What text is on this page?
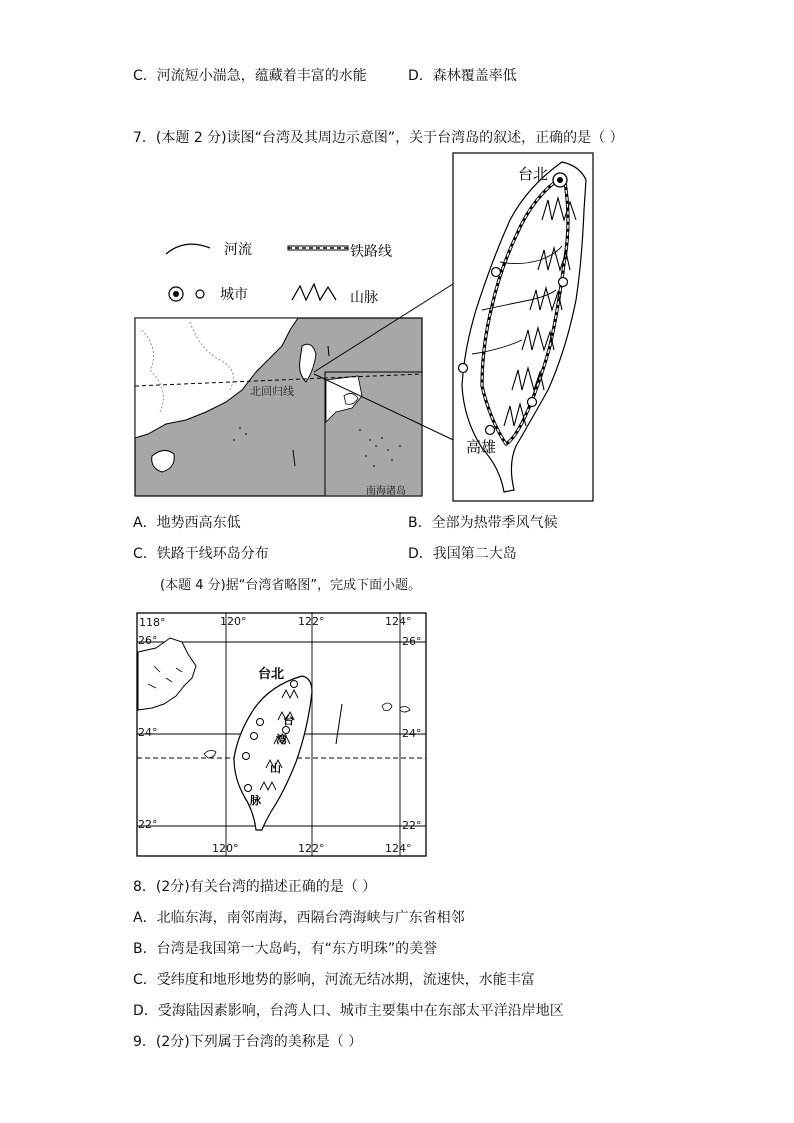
C．河流短小湍急，蕴藏着丰富的水能	D．森林覆盖率低
7．(本题 2 分)读图“台湾及其周边示意图”，关于台湾岛的叙述，正确的是（ ）
河流	铁路线
城市	山脉
北回归线
南海诸岛
台北
高雄
A．地势西高东低	B．全部为热带季风气候
C．铁路干线环岛分布	D．我国第二大岛
(本题 4 分)据“台湾省略图”，完成下面小题。
台北
台
湾
山
脉
120°	122°	124°
118°
26°
24°
22°
26°
24°
22°
120°	122°	124°
8．(2分)有关台湾的描述正确的是（ ）
A．北临东海，南邻南海，西隔台湾海峡与广东省相邻
B．台湾是我国第一大岛屿，有“东方明珠”的美誉
C．受纬度和地形地势的影响，河流无结冰期，流速快，水能丰富
D．受海陆因素影响，台湾人口、城市主要集中在东部太平洋沿岸地区
9．(2分)下列属于台湾的美称是（ ）
